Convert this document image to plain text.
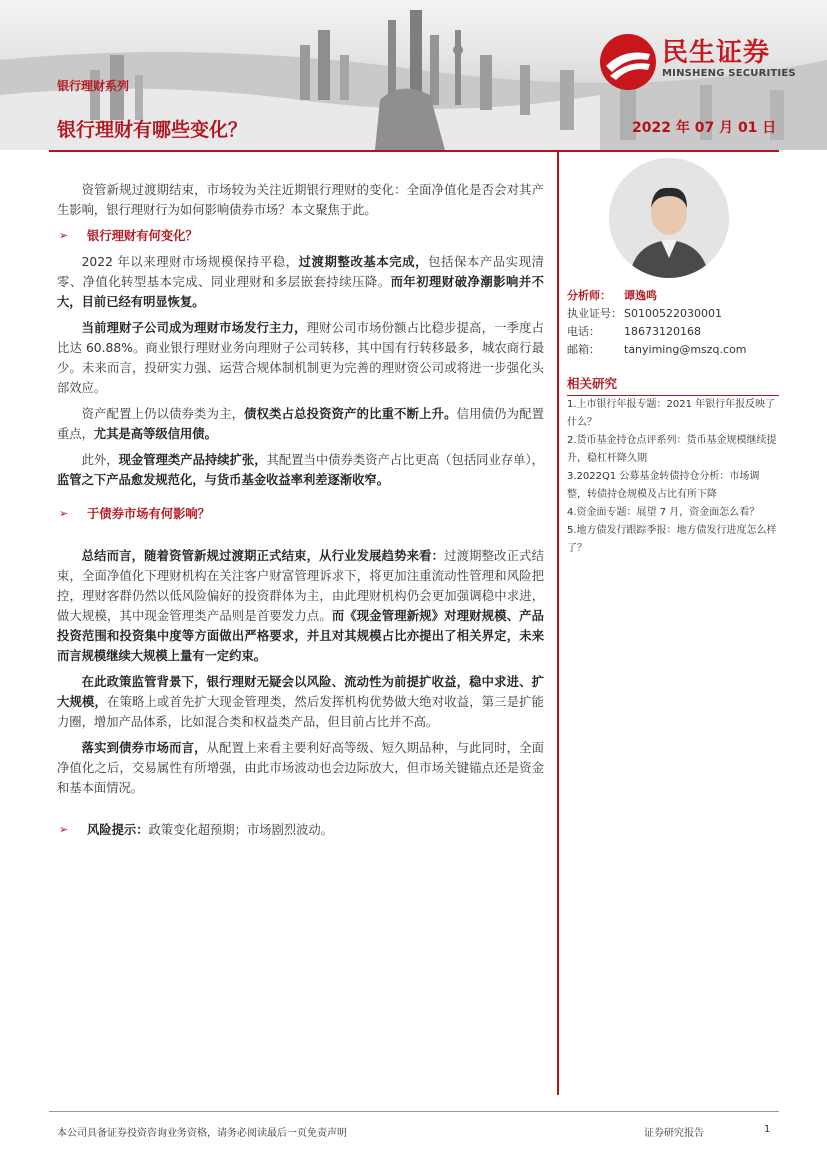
民生证券
MINSHENG SECURITIES
银行理财系列
银行理财有哪些变化？	2022 年 07 月 01 日

资管新规过渡期结束，市场较为关注近期银行理财的变化：全面净值化是否会对其产生影响，银行理财行为如何影响债券市场？本文聚焦于此。

➢	银行理财有何变化？

2022 年以来理财市场规模保持平稳，过渡期整改基本完成，包括保本产品实现清零、净值化转型基本完成、同业理财和多层嵌套持续压降。而年初理财破净潮影响并不大，目前已经有明显恢复。

当前理财子公司成为理财市场发行主力，理财公司市场份额占比稳步提高，一季度占比达 60.88%。商业银行理财业务向理财子公司转移，其中国有行转移最多，城农商行最少。未来而言，投研实力强、运营合规体制机制更为完善的理财资公司或将进一步强化头部效应。

资产配置上仍以债券类为主，债权类占总投资资产的比重不断上升。信用债仍为配置重点，尤其是高等级信用债。

此外，现金管理类产品持续扩张，其配置当中债券类资产占比更高（包括同业存单），监管之下产品愈发规范化，与货币基金收益率利差逐渐收窄。

➢	于债券市场有何影响？

总结而言，随着资管新规过渡期正式结束，从行业发展趋势来看：过渡期整改正式结束，全面净值化下理财机构在关注客户财富管理诉求下，将更加注重流动性管理和风险把控，理财客群仍然以低风险偏好的投资群体为主，由此理财机构仍会更加强调稳中求进，做大规模，其中现金管理类产品则是首要发力点。而《现金管理新规》对理财规模、产品投资范围和投资集中度等方面做出严格要求，并且对其规模占比亦提出了相关界定，未来而言规模继续大规模上量有一定约束。

在此政策监管背景下，银行理财无疑会以风险、流动性为前提扩收益，稳中求进、扩大规模，在策略上或首先扩大现金管理类，然后发挥机构优势做大绝对收益，第三是扩能力圈，增加产品体系，比如混合类和权益类产品，但目前占比并不高。

落实到债券市场而言，从配置上来看主要利好高等级、短久期品种，与此同时，全面净值化之后，交易属性有所增强，由此市场波动也会边际放大，但市场关键锚点还是资金和基本面情况。

➢	风险提示：政策变化超预期；市场剧烈波动。
分析师：	谭逸鸣
执业证号： S0100522030001
电话：	18673120168
邮箱：	tanyiming@mszq.com
相关研究
1.上市银行年报专题：2021 年银行年报反映了什么？
2.货币基金持仓点评系列：货币基金规模继续提升，稳杠杆降久期
3.2022Q1 公募基金转债持仓分析：市场调整，转债持仓规模及占比有所下降
4.资金面专题：展望 7 月，资金面怎么看？
5.地方债发行跟踪季报：地方债发行进度怎么样了？
本公司具备证券投资咨询业务资格，请务必阅读最后一页免责声明	证券研究报告	1
